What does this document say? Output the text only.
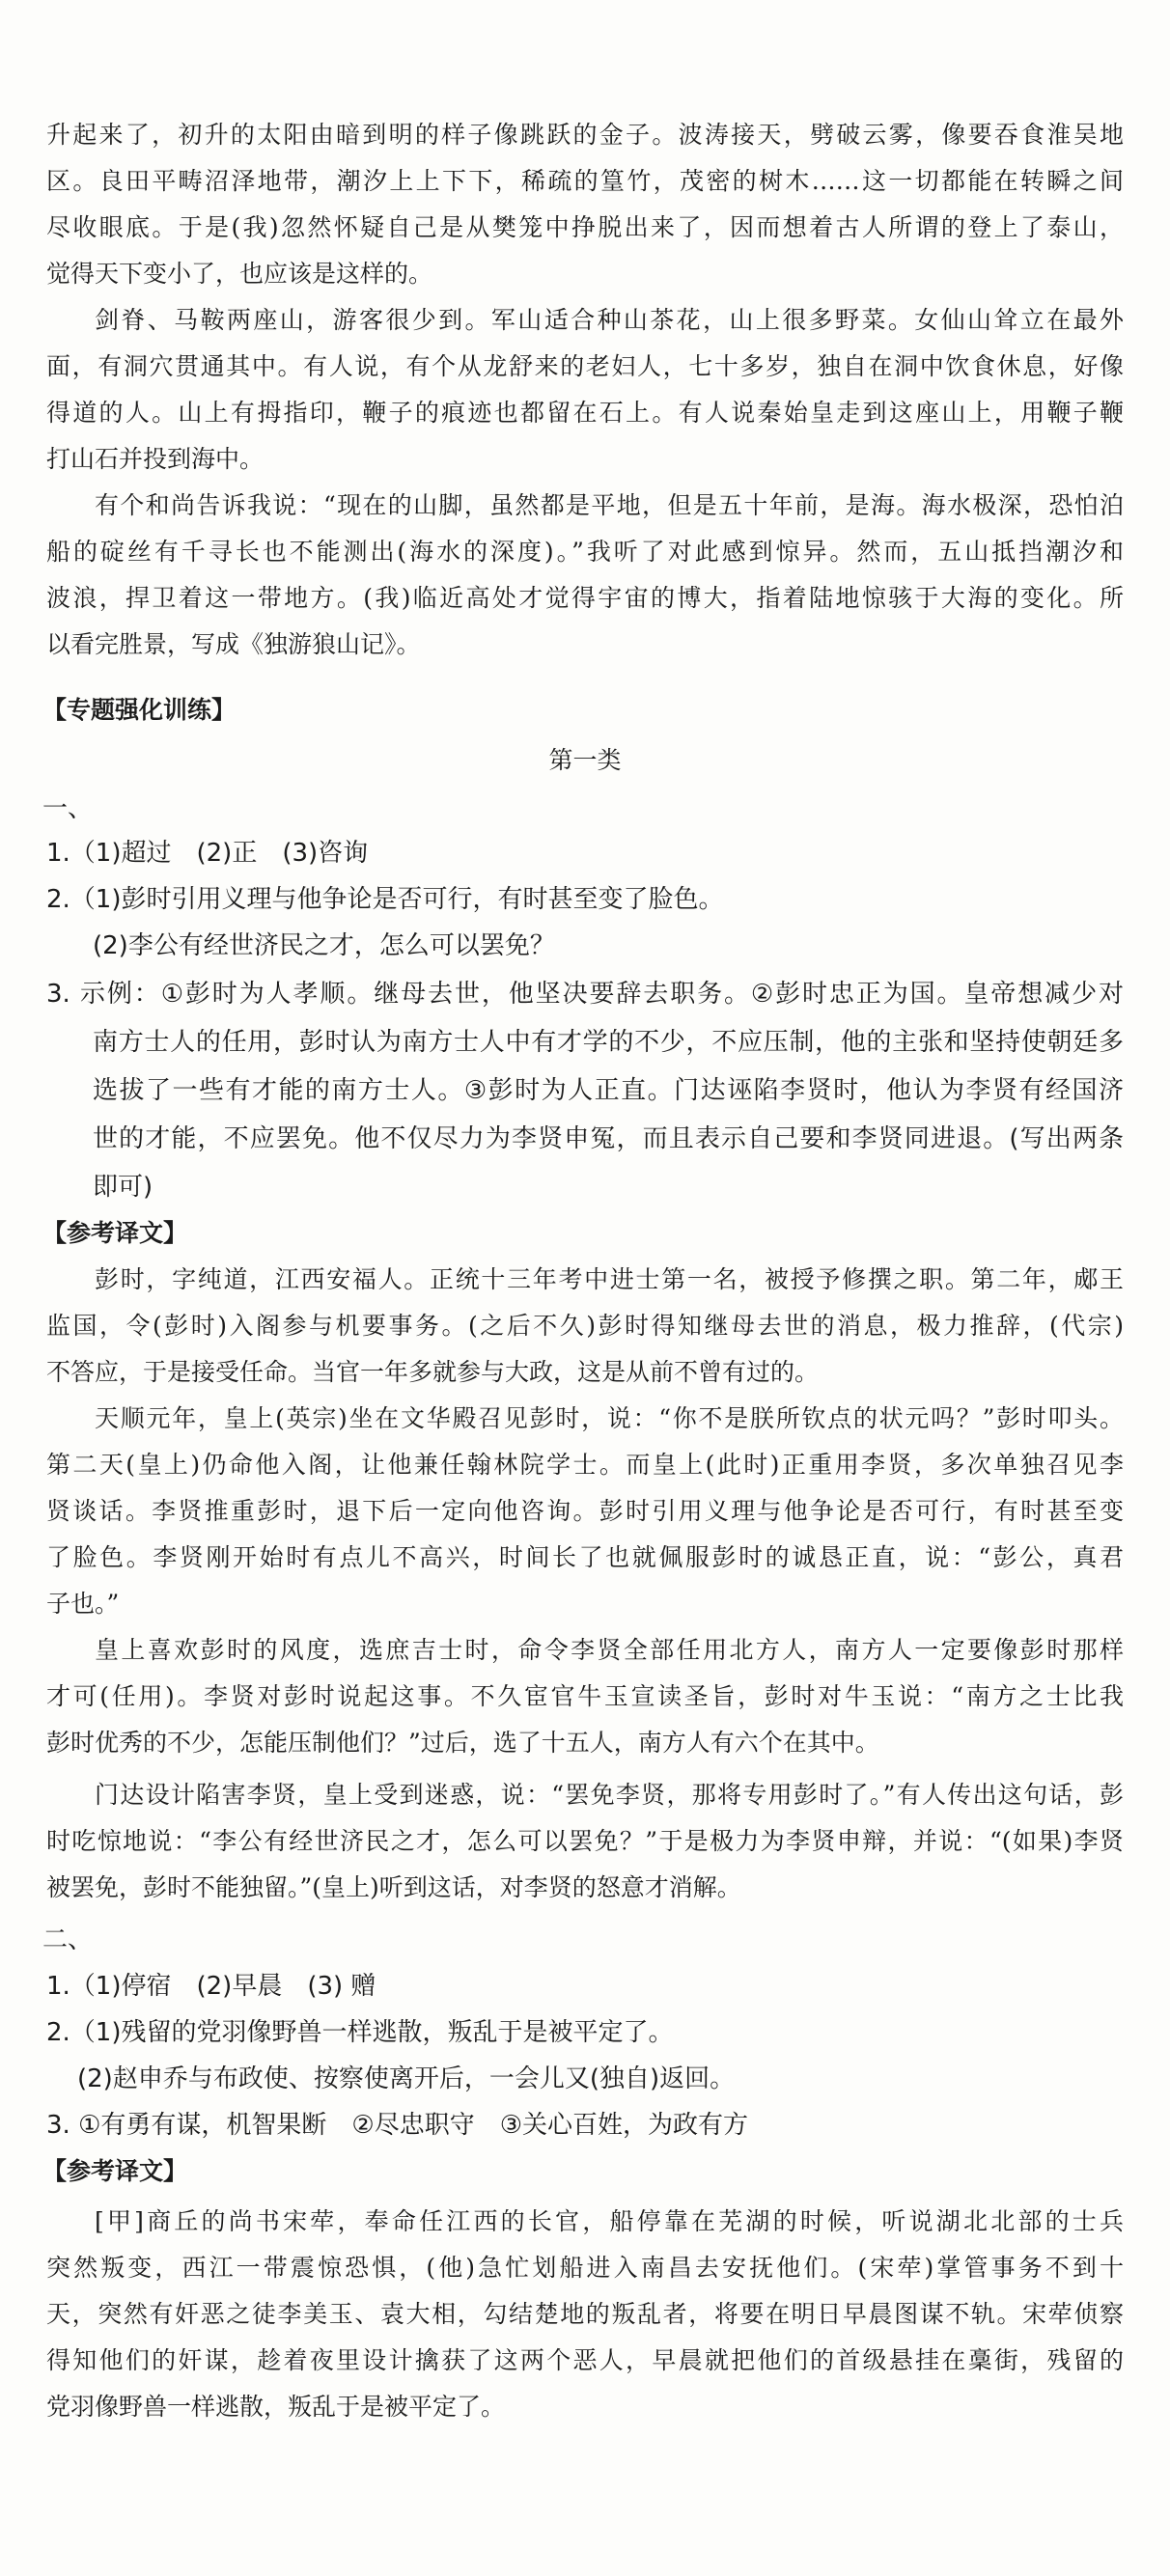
升起来了，初升的太阳由暗到明的样子像跳跃的金子。波涛接天，劈破云雾，像要吞食淮吴地

区。良田平畴沼泽地带，潮汐上上下下，稀疏的篁竹，茂密的树木……这一切都能在转瞬之间

尽收眼底。于是(我)忽然怀疑自己是从樊笼中挣脱出来了，因而想着古人所谓的登上了泰山，

觉得天下变小了，也应该是这样的。

剑脊、马鞍两座山，游客很少到。军山适合种山茶花，山上很多野菜。女仙山耸立在最外

面，有洞穴贯通其中。有人说，有个从龙舒来的老妇人，七十多岁，独自在洞中饮食休息，好像

得道的人。山上有拇指印，鞭子的痕迹也都留在石上。有人说秦始皇走到这座山上，用鞭子鞭

打山石并投到海中。

有个和尚告诉我说：“现在的山脚，虽然都是平地，但是五十年前，是海。海水极深，恐怕泊

船的碇丝有千寻长也不能测出(海水的深度)。”我听了对此感到惊异。然而，五山抵挡潮汐和

波浪，捍卫着这一带地方。(我)临近高处才觉得宇宙的博大，指着陆地惊骇于大海的变化。所

以看完胜景，写成《独游狼山记》。

【专题强化训练】

第一类

一、

1.（1)超过　(2)正　(3)咨询

2.（1)彭时引用义理与他争论是否可行，有时甚至变了脸色。

(2)李公有经世济民之才，怎么可以罢免？

3. 示例：①彭时为人孝顺。继母去世，他坚决要辞去职务。②彭时忠正为国。皇帝想减少对

南方士人的任用，彭时认为南方士人中有才学的不少，不应压制，他的主张和坚持使朝廷多

选拔了一些有才能的南方士人。③彭时为人正直。门达诬陷李贤时，他认为李贤有经国济

世的才能，不应罢免。他不仅尽力为李贤申冤，而且表示自己要和李贤同进退。(写出两条

即可)

【参考译文】

彭时，字纯道，江西安福人。正统十三年考中进士第一名，被授予修撰之职。第二年，郕王

监国，令(彭时)入阁参与机要事务。(之后不久)彭时得知继母去世的消息，极力推辞，(代宗)

不答应，于是接受任命。当官一年多就参与大政，这是从前不曾有过的。

天顺元年，皇上(英宗)坐在文华殿召见彭时，说：“你不是朕所钦点的状元吗？”彭时叩头。

第二天(皇上)仍命他入阁，让他兼任翰林院学士。而皇上(此时)正重用李贤，多次单独召见李

贤谈话。李贤推重彭时，退下后一定向他咨询。彭时引用义理与他争论是否可行，有时甚至变

了脸色。李贤刚开始时有点儿不高兴，时间长了也就佩服彭时的诚恳正直，说：“彭公，真君

子也。”

皇上喜欢彭时的风度，选庶吉士时，命令李贤全部任用北方人，南方人一定要像彭时那样

才可(任用)。李贤对彭时说起这事。不久宦官牛玉宣读圣旨，彭时对牛玉说：“南方之士比我

彭时优秀的不少，怎能压制他们？”过后，选了十五人，南方人有六个在其中。

门达设计陷害李贤，皇上受到迷惑，说：“罢免李贤，那将专用彭时了。”有人传出这句话，彭

时吃惊地说：“李公有经世济民之才，怎么可以罢免？”于是极力为李贤申辩，并说：“(如果)李贤

被罢免，彭时不能独留。”(皇上)听到这话，对李贤的怒意才消解。

二、

1.（1)停宿　(2)早晨　(3) 赠

2.（1)残留的党羽像野兽一样逃散，叛乱于是被平定了。

(2)赵申乔与布政使、按察使离开后，一会儿又(独自)返回。

3. ①有勇有谋，机智果断　②尽忠职守　③关心百姓，为政有方

【参考译文】

[甲]商丘的尚书宋荦，奉命任江西的长官，船停靠在芜湖的时候，听说湖北北部的士兵

突然叛变，西江一带震惊恐惧，(他)急忙划船进入南昌去安抚他们。(宋荦)掌管事务不到十

天，突然有奸恶之徒李美玉、袁大相，勾结楚地的叛乱者，将要在明日早晨图谋不轨。宋荦侦察

得知他们的奸谋，趁着夜里设计擒获了这两个恶人，早晨就把他们的首级悬挂在稾街，残留的

党羽像野兽一样逃散，叛乱于是被平定了。
